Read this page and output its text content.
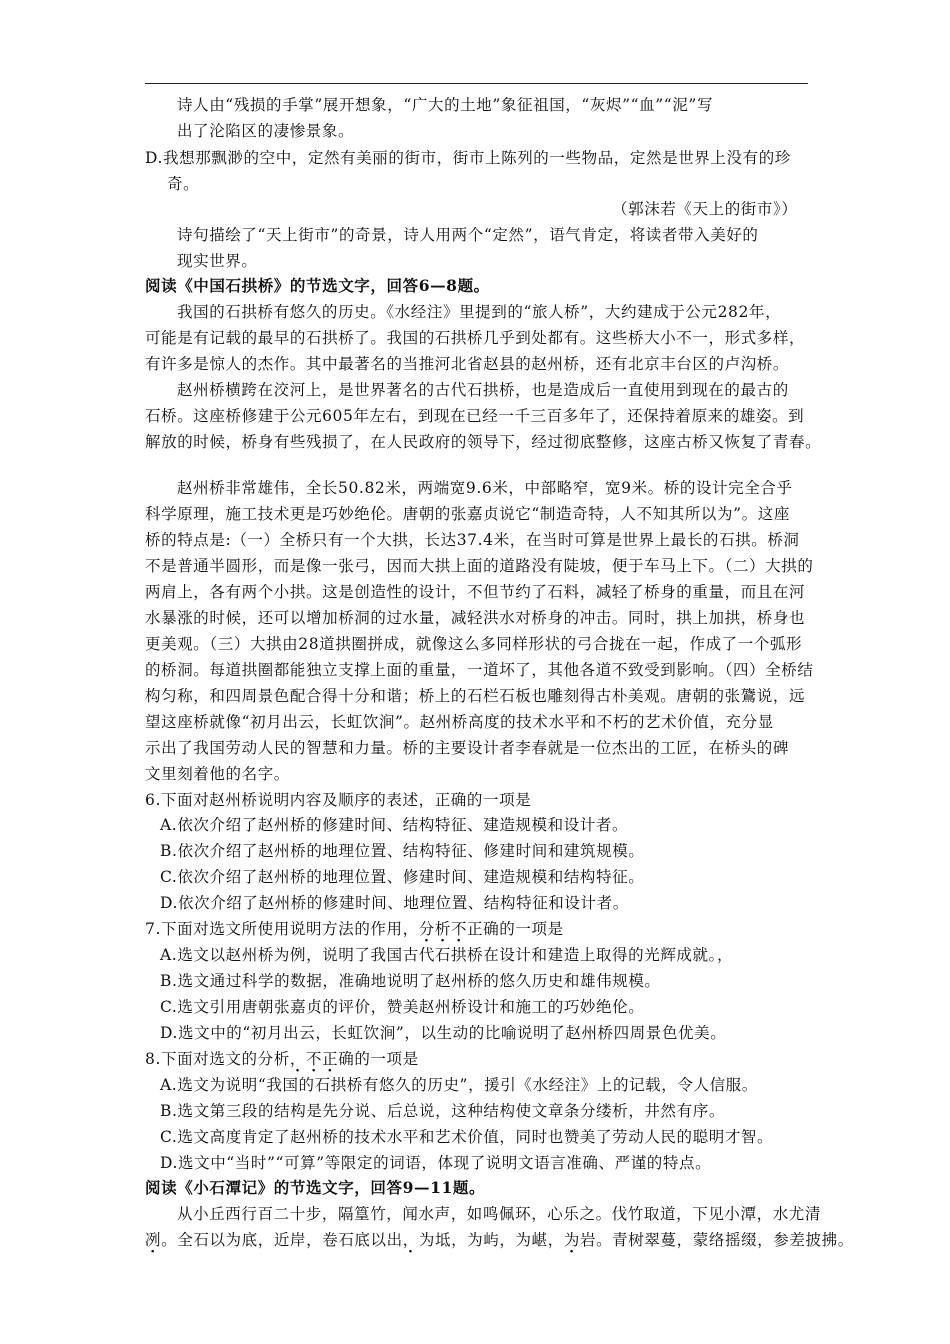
诗人由“残损的手掌”展开想象，“广大的土地”象征祖国，“灰烬”“血”“泥”写
出了沦陷区的凄惨景象。
D.我想那飘渺的空中，定然有美丽的街市，街市上陈列的一些物品，定然是世界上没有的珍
奇。
（郭沫若《天上的街市》）
诗句描绘了“天上街市”的奇景，诗人用两个“定然”，语气肯定，将读者带入美好的
现实世界。
阅读《中国石拱桥》的节选文字，回答6—8题。
我国的石拱桥有悠久的历史。《水经注》里提到的“旅人桥”，大约建成于公元282年，
可能是有记载的最早的石拱桥了。我国的石拱桥几乎到处都有。这些桥大小不一，形式多样，
有许多是惊人的杰作。其中最著名的当推河北省赵县的赵州桥，还有北京丰台区的卢沟桥。
赵州桥横跨在洨河上，是世界著名的古代石拱桥，也是造成后一直使用到现在的最古的
石桥。这座桥修建于公元605年左右，到现在已经一千三百多年了，还保持着原来的雄姿。到
解放的时候，桥身有些残损了，在人民政府的领导下，经过彻底整修，这座古桥又恢复了青春。
赵州桥非常雄伟，全长50.82米，两端宽9.6米，中部略窄，宽9米。桥的设计完全合乎
科学原理，施工技术更是巧妙绝伦。唐朝的张嘉贞说它“制造奇特，人不知其所以为”。这座
桥的特点是:（一）全桥只有一个大拱，长达37.4米，在当时可算是世界上最长的石拱。桥洞
不是普通半圆形，而是像一张弓，因而大拱上面的道路没有陡坡，便于车马上下。（二）大拱的
两肩上，各有两个小拱。这是创造性的设计，不但节约了石料，减轻了桥身的重量，而且在河
水暴涨的时候，还可以增加桥洞的过水量，减轻洪水对桥身的冲击。同时，拱上加拱，桥身也
更美观。（三）大拱由28道拱圈拼成，就像这么多同样形状的弓合拢在一起，作成了一个弧形
的桥洞。每道拱圈都能独立支撑上面的重量，一道坏了，其他各道不致受到影响。（四）全桥结
构匀称，和四周景色配合得十分和谐；桥上的石栏石板也雕刻得古朴美观。唐朝的张鷟说，远
望这座桥就像“初月出云，长虹饮涧”。赵州桥高度的技术水平和不朽的艺术价值，充分显
示出了我国劳动人民的智慧和力量。桥的主要设计者李春就是一位杰出的工匠，在桥头的碑
文里刻着他的名字。
6.下面对赵州桥说明内容及顺序的表述，正确的一项是
A.依次介绍了赵州桥的修建时间、结构特征、建造规模和设计者。
B.依次介绍了赵州桥的地理位置、结构特征、修建时间和建筑规模。
C.依次介绍了赵州桥的地理位置、修建时间、建造规模和结构特征。
D.依次介绍了赵州桥的修建时间、地理位置、结构特征和设计者。
7.下面对选文所使用说明方法的作用，分析不正确的一项是
A.选文以赵州桥为例，说明了我国古代石拱桥在设计和建造上取得的光辉成就。，
B.选文通过科学的数据，准确地说明了赵州桥的悠久历史和雄伟规模。
C.选文引用唐朝张嘉贞的评价，赞美赵州桥设计和施工的巧妙绝伦。
D.选文中的“初月出云，长虹饮涧”，以生动的比喻说明了赵州桥四周景色优美。
8.下面对选文的分析， ·不正确的一项是
A.选文为说明“我国的石拱桥有悠久的历史”，援引《水经注》上的记载，令人信服。
B.选文第三段的结构是先分说、后总说，这种结构使文章条分缕析，井然有序。
C.选文高度肯定了赵州桥的技术水平和艺术价值，同时也赞美了劳动人民的聪明才智。
D.选文中“当时”“可算”等限定的词语，体现了说明文语言准确、严谨的特点。
阅读《小石潭记》的节选文字，回答9—11题。
从小丘西行百二十步，隔篁竹，闻水声，如鸣佩环，心乐之。伐竹取道，下见小潭，水尤清
冽。全石以为底，近岸，卷石底以出， ·为坻，为屿，为嵁，为岩。青树翠蔓，蒙络摇缀，参差披拂。
